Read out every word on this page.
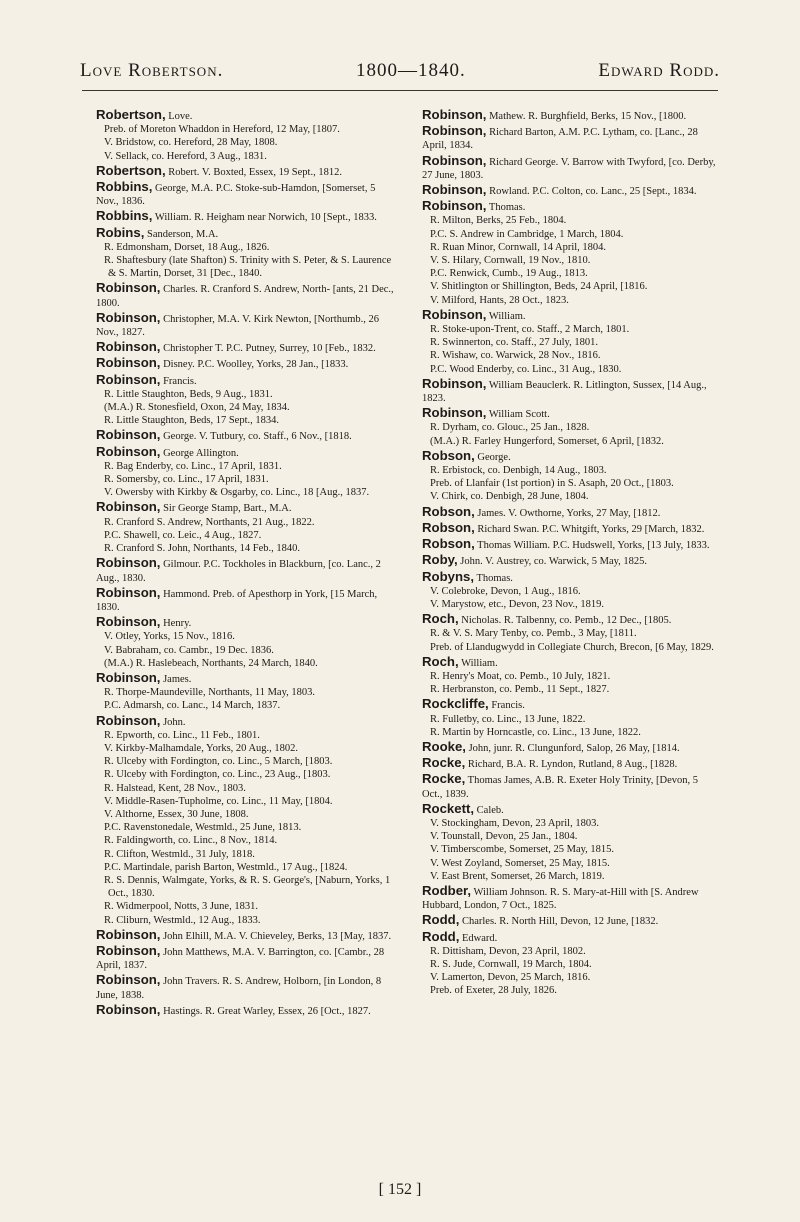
Love Robertson.	1800—1840.	Edward Rodd.
Robertson, Love.
Preb. of Moreton Whaddon in Hereford, 12 May, [1807.
V. Bridstow, co. Hereford, 28 May, 1808.
V. Sellack, co. Hereford, 3 Aug., 1831.
Robertson, Robert. V. Boxted, Essex, 19 Sept., 1812.
Robbins, George, M.A. P.C. Stoke-sub-Hamdon, [Somerset, 5 Nov., 1836.
Robbins, William. R. Heigham near Norwich, 10 [Sept., 1833.
Robins, Sanderson, M.A.
R. Edmonsham, Dorset, 18 Aug., 1826.
R. Shaftesbury (late Shafton) S. Trinity with S. Peter, & S. Laurence & S. Martin, Dorset, 31 [Dec., 1840.
Robinson, Charles. R. Cranford S. Andrew, North- [ants, 21 Dec., 1800.
Robinson, Christopher, M.A. V. Kirk Newton, [Northumb., 26 Nov., 1827.
Robinson, Christopher T. P.C. Putney, Surrey, 10 [Feb., 1832.
Robinson, Disney. P.C. Woolley, Yorks, 28 Jan., [1833.
Robinson, Francis.
R. Little Staughton, Beds, 9 Aug., 1831.
(M.A.) R. Stonesfield, Oxon, 24 May, 1834.
R. Little Staughton, Beds, 17 Sept., 1834.
Robinson, George. V. Tutbury, co. Staff., 6 Nov., [1818.
Robinson, George Allington.
R. Bag Enderby, co. Linc., 17 April, 1831.
R. Somersby, co. Linc., 17 April, 1831.
V. Owersby with Kirkby & Osgarby, co. Linc., 18 [Aug., 1837.
Robinson, Sir George Stamp, Bart., M.A.
R. Cranford S. Andrew, Northants, 21 Aug., 1822.
P.C. Shawell, co. Leic., 4 Aug., 1827.
R. Cranford S. John, Northants, 14 Feb., 1840.
Robinson, Gilmour. P.C. Tockholes in Blackburn, [co. Lanc., 2 Aug., 1830.
Robinson, Hammond. Preb. of Apesthorp in York, [15 March, 1830.
Robinson, Henry.
V. Otley, Yorks, 15 Nov., 1816.
V. Babraham, co. Cambr., 19 Dec. 1836.
(M.A.) R. Haslebeach, Northants, 24 March, 1840.
Robinson, James.
R. Thorpe-Maundeville, Northants, 11 May, 1803.
P.C. Admarsh, co. Lanc., 14 March, 1837.
Robinson, John.
R. Epworth, co. Linc., 11 Feb., 1801.
V. Kirkby-Malhamdale, Yorks, 20 Aug., 1802.
R. Ulceby with Fordington, co. Linc., 5 March, [1803.
R. Ulceby with Fordington, co. Linc., 23 Aug., [1803.
R. Halstead, Kent, 28 Nov., 1803.
V. Middle-Rasen-Tupholme, co. Linc., 11 May, [1804.
V. Althorne, Essex, 30 June, 1808.
P.C. Ravenstonedale, Westmld., 25 June, 1813.
R. Faldingworth, co. Linc., 8 Nov., 1814.
R. Clifton, Westmld., 31 July, 1818.
P.C. Martindale, parish Barton, Westmld., 17 Aug., [1824.
R. S. Dennis, Walmgate, Yorks, & R. S. George's, [Naburn, Yorks, 1 Oct., 1830.
R. Widmerpool, Notts, 3 June, 1831.
R. Cliburn, Westmld., 12 Aug., 1833.
Robinson, John Elhill, M.A. V. Chieveley, Berks, 13 [May, 1837.
Robinson, John Matthews, M.A. V. Barrington, co. [Cambr., 28 April, 1837.
Robinson, John Travers. R. S. Andrew, Holborn, [in London, 8 June, 1838.
Robinson, Hastings. R. Great Warley, Essex, 26 [Oct., 1827.
Robinson, Mathew. R. Burghfield, Berks, 15 Nov., [1800.
Robinson, Richard Barton, A.M. P.C. Lytham, co. [Lanc., 28 April, 1834.
Robinson, Richard George. V. Barrow with Twyford, [co. Derby, 27 June, 1803.
Robinson, Rowland. P.C. Colton, co. Lanc., 25 [Sept., 1834.
Robinson, Thomas.
R. Milton, Berks, 25 Feb., 1804.
P.C. S. Andrew in Cambridge, 1 March, 1804.
R. Ruan Minor, Cornwall, 14 April, 1804.
V. S. Hilary, Cornwall, 19 Nov., 1810.
P.C. Renwick, Cumb., 19 Aug., 1813.
V. Shitlington or Shillington, Beds, 24 April, [1816.
V. Milford, Hants, 28 Oct., 1823.
Robinson, William.
R. Stoke-upon-Trent, co. Staff., 2 March, 1801.
R. Swinnerton, co. Staff., 27 July, 1801.
R. Wishaw, co. Warwick, 28 Nov., 1816.
P.C. Wood Enderby, co. Linc., 31 Aug., 1830.
Robinson, William Beauclerk. R. Litlington, Sussex, [14 Aug., 1823.
Robinson, William Scott.
R. Dyrham, co. Glouc., 25 Jan., 1828.
(M.A.) R. Farley Hungerford, Somerset, 6 April, [1832.
Robson, George.
R. Erbistock, co. Denbigh, 14 Aug., 1803.
Preb. of Llanfair (1st portion) in S. Asaph, 20 Oct., [1803.
V. Chirk, co. Denbigh, 28 June, 1804.
Robson, James. V. Owthorne, Yorks, 27 May, [1812.
Robson, Richard Swan. P.C. Whitgift, Yorks, 29 [March, 1832.
Robson, Thomas William. P.C. Hudswell, Yorks, [13 July, 1833.
Roby, John. V. Austrey, co. Warwick, 5 May, 1825.
Robyns, Thomas.
V. Colebroke, Devon, 1 Aug., 1816.
V. Marystow, etc., Devon, 23 Nov., 1819.
Roch, Nicholas. R. Talbenny, co. Pemb., 12 Dec., [1805.
R. & V. S. Mary Tenby, co. Pemb., 3 May, [1811.
Preb. of Llandugwydd in Collegiate Church, Brecon, [6 May, 1829.
Roch, William.
R. Henry's Moat, co. Pemb., 10 July, 1821.
R. Herbranston, co. Pemb., 11 Sept., 1827.
Rockcliffe, Francis.
R. Fulletby, co. Linc., 13 June, 1822.
R. Martin by Horncastle, co. Linc., 13 June, 1822.
Rooke, John, junr. R. Clungunford, Salop, 26 May, [1814.
Rocke, Richard, B.A. R. Lyndon, Rutland, 8 Aug., [1828.
Rocke, Thomas James, A.B. R. Exeter Holy Trinity, [Devon, 5 Oct., 1839.
Rockett, Caleb.
V. Stockingham, Devon, 23 April, 1803.
V. Tounstall, Devon, 25 Jan., 1804.
V. Timberscombe, Somerset, 25 May, 1815.
V. West Zoyland, Somerset, 25 May, 1815.
V. East Brent, Somerset, 26 March, 1819.
Rodber, William Johnson. R. S. Mary-at-Hill with [S. Andrew Hubbard, London, 7 Oct., 1825.
Rodd, Charles. R. North Hill, Devon, 12 June, [1832.
Rodd, Edward.
R. Dittisham, Devon, 23 April, 1802.
R. S. Jude, Cornwall, 19 March, 1804.
V. Lamerton, Devon, 25 March, 1816.
Preb. of Exeter, 28 July, 1826.
[ 152 ]
